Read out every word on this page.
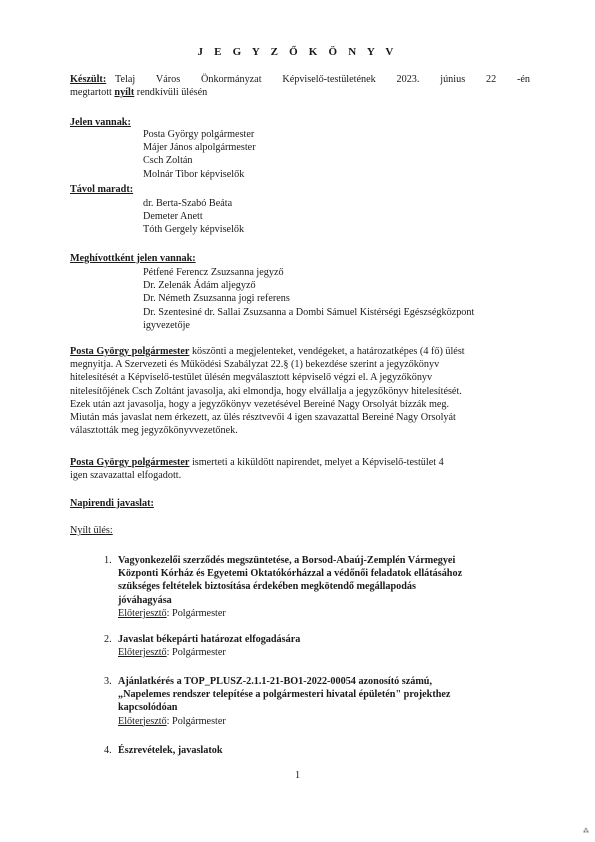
J E G Y Z Ő K Ö N Y V
Készült: Telaj Város Önkormányzat Képviselő-testületének 2023. június 22 -én
megtartott nyílt rendkívüli ülésén
Jelen vannak:
Posta György polgármester
Májer János alpolgármester
Csch Zoltán
Molnár Tibor képviselők
Távol maradt:
dr. Berta-Szabó Beáta
Demeter Anett
Tóth Gergely képviselők
Meghívottként jelen vannak:
Pétfené Ferencz Zsuzsanna jegyző
Dr. Zelenák Ádám aljegyző
Dr. Németh Zsuzsanna jogi referens
Dr. Szentesiné dr. Sallai Zsuzsanna a Dombi Sámuel Kistérségi Egészségközpont
igyvezetője
Posta György polgármester köszönti a megjelenteket, vendégeket, a határozatképes (4 fő) ülést
megnyitja. A Szervezeti és Működési Szabályzat 22.§ (1) bekezdése szerint a jegyzőkönyv
hitelesítését a Képviselő-testület ülésén megválasztott képviselő végzi el. A jegyzőkönyv
nitelesítőjének Csch Zoltánt javasolja, aki elmondja, hogy elvállalja a jegyzőkönyv hitelesítését.
Ezek után azt javasolja, hogy a jegyzőkönyv vezetésével Bereiné Nagy Orsolyát bízzák meg.
Miután más javaslat nem érkezett, az ülés résztvevői 4 igen szavazattal Bereiné Nagy Orsolyát
választották meg jegyzőkönyvvezetőnek.
Posta György polgármester ismerteti a kiküldött napirendet, melyet a Képviselő-testület 4
igen szavazattal elfogadott.
Napirendi javaslat:
Nyílt ülés:
1. Vagyonkezelői szerződés megszüntetése, a Borsod-Abaúj-Zemplén Vármegyei
Központi Kórház és Egyetemi Oktatókórházzal a védőnői feladatok ellátásához
szükséges feltételek biztosítása érdekében megkötendő megállapodás
jóváhagyása
Előterjesztő: Polgármester
2. Javaslat békepárti határozat elfogadására
Előterjesztő: Polgármester
3. Ajánlatkérés a TOP_PLUSZ-2.1.1-21-BO1-2022-00054 azonosító számú,
„Napelemes rendszer telepítése a polgármesteri hivatal épületén" projekthez
kapcsolódóan
Előterjesztő: Polgármester
4. Észrevételek, javaslatok
1
⁂
